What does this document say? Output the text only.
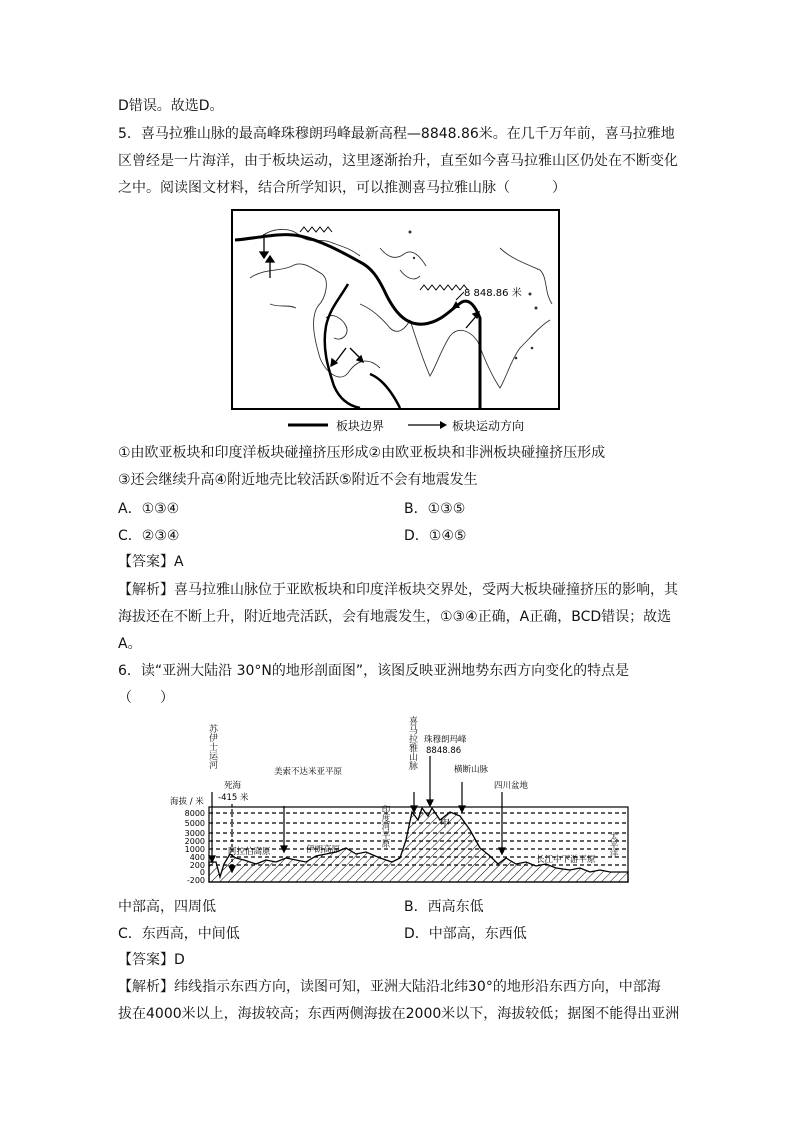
D错误。故选D。
5．喜马拉雅山脉的最高峰珠穆朗玛峰最新高程—8848.86米。在几千万年前，喜马拉雅地
区曾经是一片海洋，由于板块运动，这里逐渐抬升，直至如今喜马拉雅山区仍处在不断变化
之中。阅读图文材料，结合所学知识，可以推测喜马拉雅山脉（　　　）
8 848.86 米
板块边界	板块运动方向
①由欧亚板块和印度洋板块碰撞挤压形成②由欧亚板块和非洲板块碰撞挤压形成
③还会继续升高④附近地壳比较活跃⑤附近不会有地震发生
A．①③④	B．①③⑤
C．②③④	D．①④⑤
【答案】A
【解析】喜马拉雅山脉位于亚欧板块和印度洋板块交界处，受两大板块碰撞挤压的影响，其
海拔还在不断上升，附近地壳活跃，会有地震发生，①③④正确，A正确，BCD错误；故选
A。
6．读“亚洲大陆沿 30°N的地形剖面图”，该图反映亚洲地势东西方向变化的特点是
（　　）
海拔 / 米
8000
5000
3000
2000
1000
400
200
0
-200
甲
苏伊士运河	喜马拉雅山脉
印度河平原	太平洋
美索不达米亚平原
死海
-415 米
珠穆朗玛峰
8848.86
横断山脉
四川盆地
阿拉伯高原	伊朗高原
长江中下游平原
中部高，四周低	B．西高东低
C．东西高，中间低	D．中部高，东西低
【答案】D
【解析】纬线指示东西方向，读图可知，亚洲大陆沿北纬30°的地形沿东西方向，中部海
拔在4000米以上，海拔较高；东西两侧海拔在2000米以下，海拔较低；据图不能得出亚洲
